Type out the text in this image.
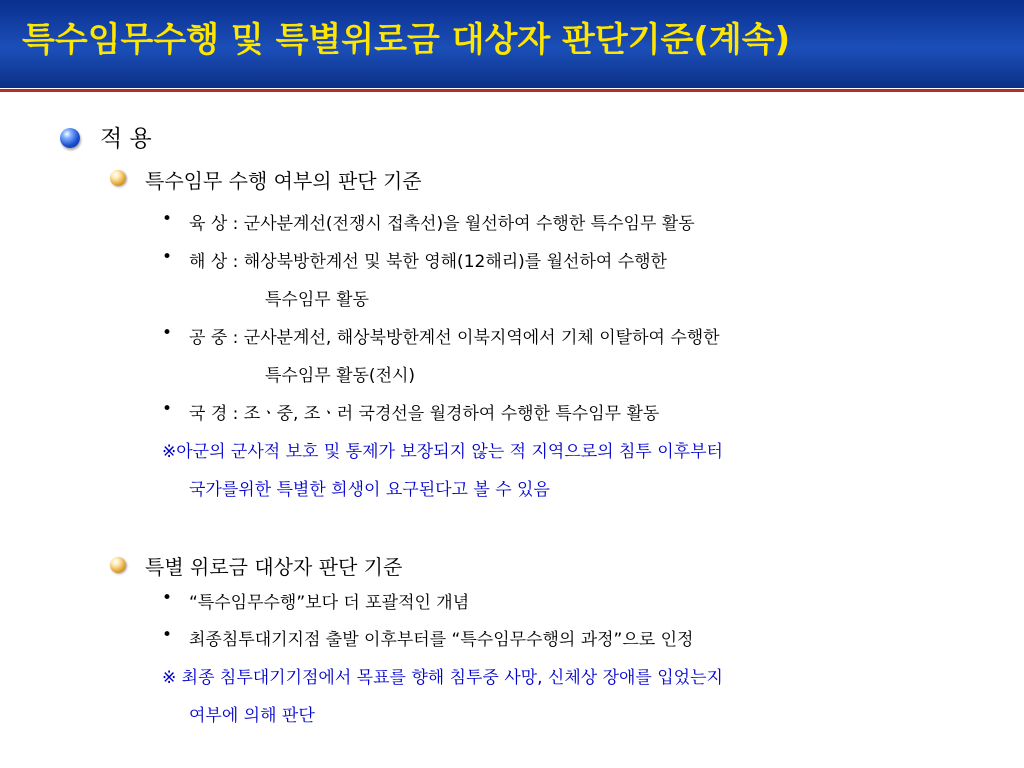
특수임무수행 및 특별위로금 대상자 판단기준(계속)
적 용
특수임무 수행 여부의 판단 기준
• 육 상 : 군사분계선(전쟁시 접촉선)을 월선하여 수행한 특수임무 활동
• 해 상 : 해상북방한계선 및 북한 영해(12해리)를 월선하여 수행한
특수임무 활동
• 공 중 : 군사분계선, 해상북방한계선 이북지역에서 기체 이탈하여 수행한
특수임무 활동(전시)
• 국 경 : 조ㆍ중, 조ㆍ러 국경선을 월경하여 수행한 특수임무 활동
※아군의 군사적 보호 및 통제가 보장되지 않는 적 지역으로의 침투 이후부터
국가를위한 특별한 희생이 요구된다고 볼 수 있음
특별 위로금 대상자 판단 기준
• “특수임무수행”보다 더 포괄적인 개념
• 최종침투대기지점 출발 이후부터를 “특수임무수행의 과정”으로 인정
※ 최종 침투대기기점에서 목표를 향해 침투중 사망, 신체상 장애를 입었는지
여부에 의해 판단
